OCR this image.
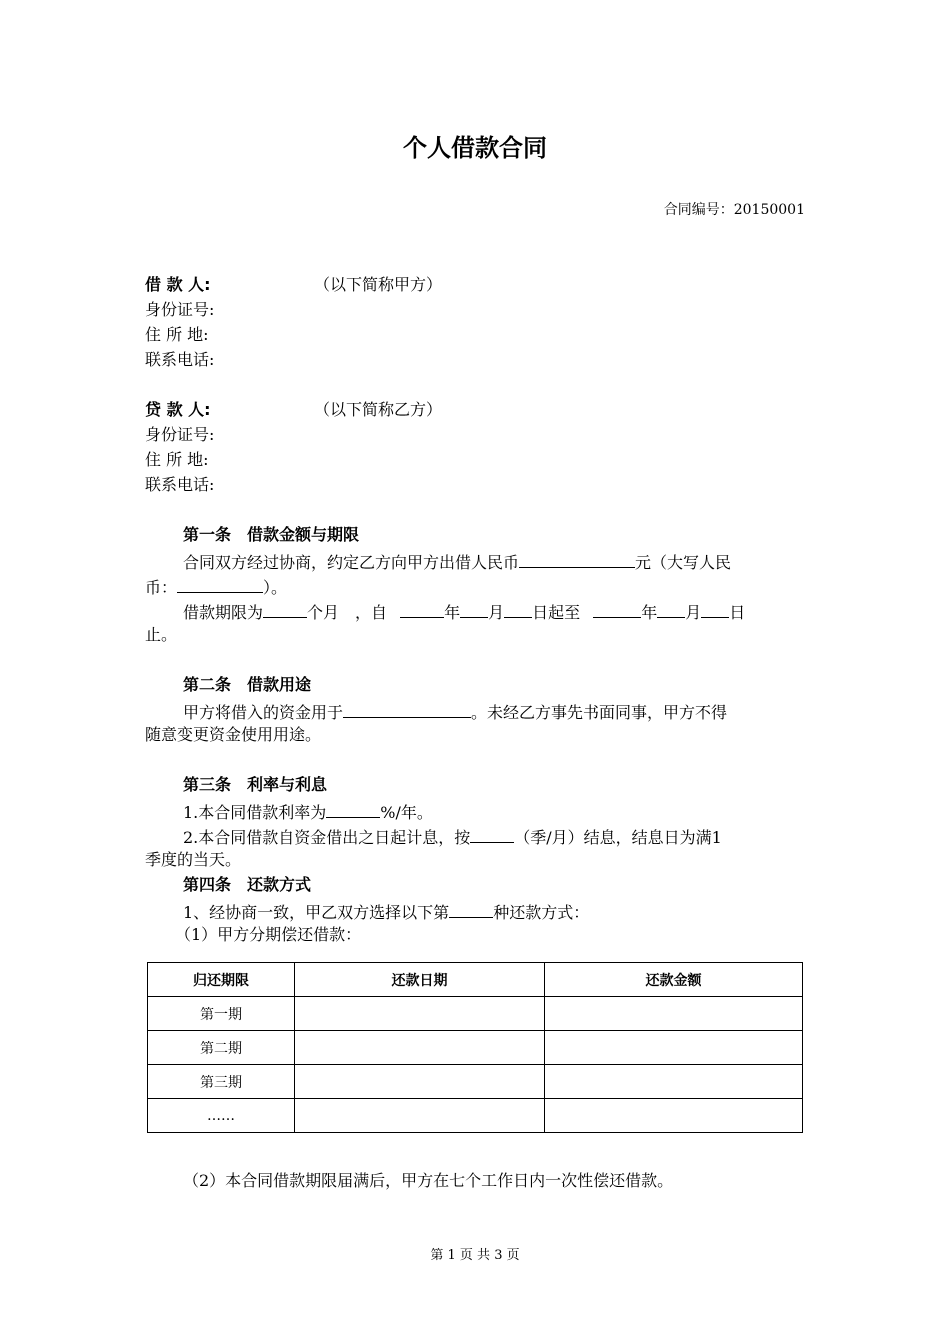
个人借款合同
合同编号：20150001
借 款 人:	（以下简称甲方）
身份证号:
住 所 地:
联系电话:
贷 款 人:	（以下简称乙方）
身份证号:
住 所 地:
联系电话:
第一条　借款金额与期限
合同双方经过协商，约定乙方向甲方出借人民币	元（大写人民
币：	）。
借款期限为	个月　，自	年 月 日起至	年 月 日
止。
第二条　借款用途
甲方将借入的资金用于	。未经乙方事先书面同事，甲方不得
随意变更资金使用用途。
第三条　利率与利息
1.本合同借款利率为	%/年。
2.本合同借款自资金借出之日起计息，按	（季/月）结息，结息日为满1
季度的当天。
第四条　还款方式
1、经协商一致，甲乙双方选择以下第	种还款方式：
（1）甲方分期偿还借款：
归还期限	还款日期	还款金额
第一期		
第二期		
第三期		
……		
（2）本合同借款期限届满后，甲方在七个工作日内一次性偿还借款。
第 1 页 共 3 页
